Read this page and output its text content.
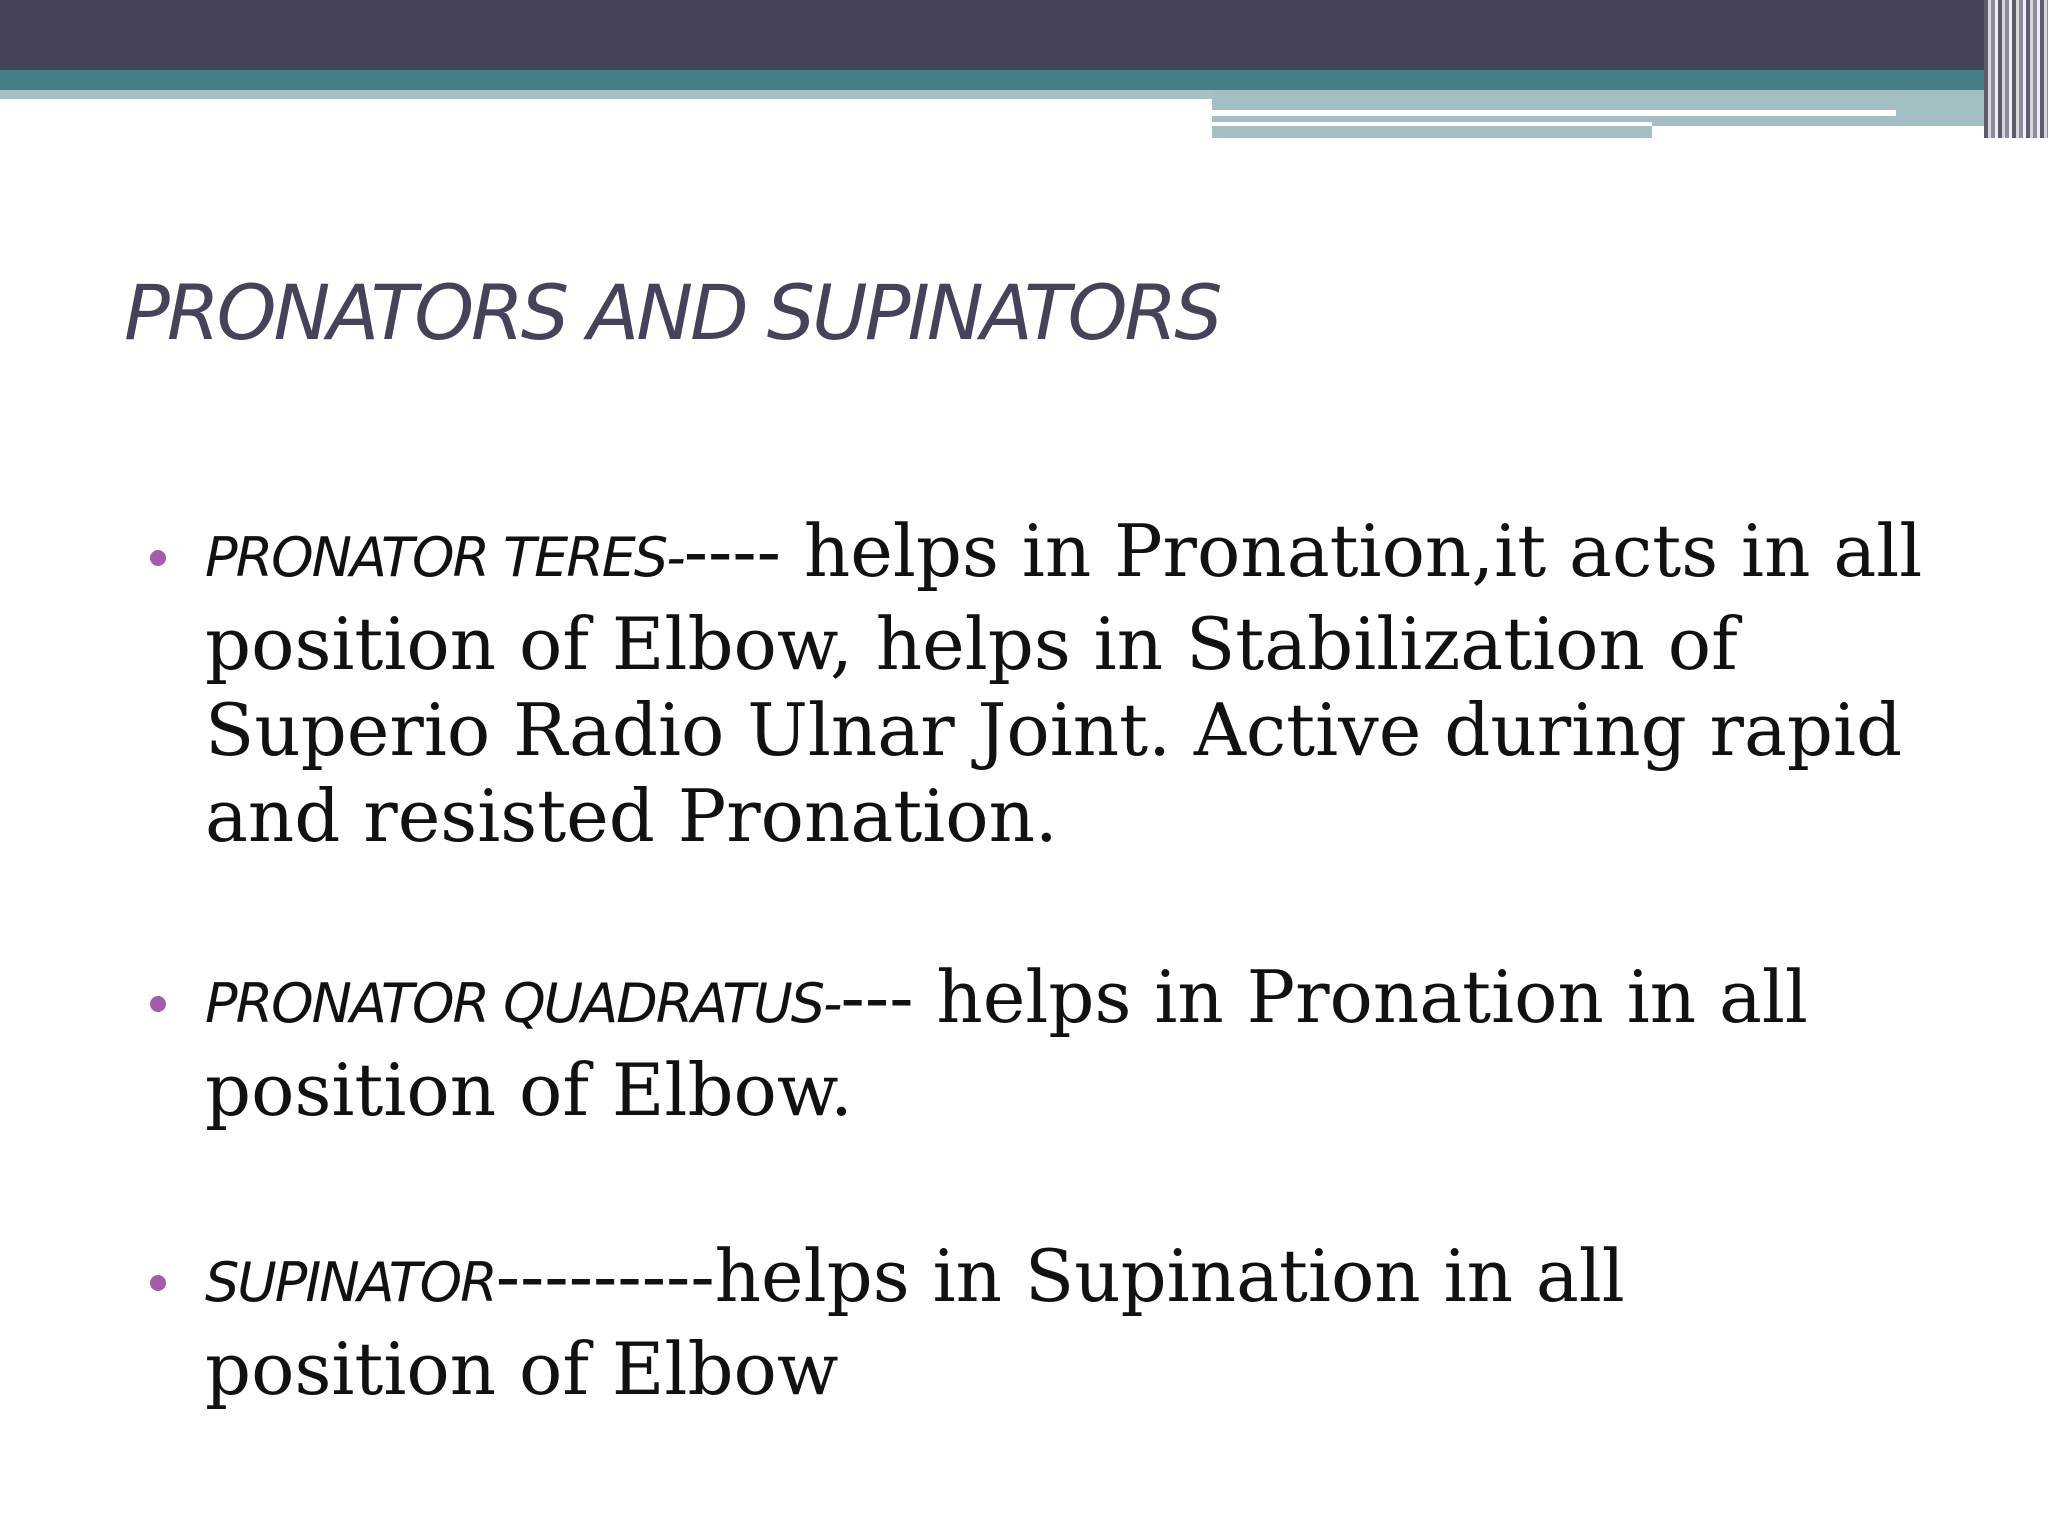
PRONATORS AND SUPINATORS

PRONATOR TERES----- helps in Pronation,it acts in all position of Elbow, helps in Stabilization of Superio Radio Ulnar Joint. Active during rapid and resisted Pronation.

PRONATOR QUADRATUS---- helps in Pronation in all position of Elbow.

SUPINATOR---------helps in Supination in all position of Elbow
